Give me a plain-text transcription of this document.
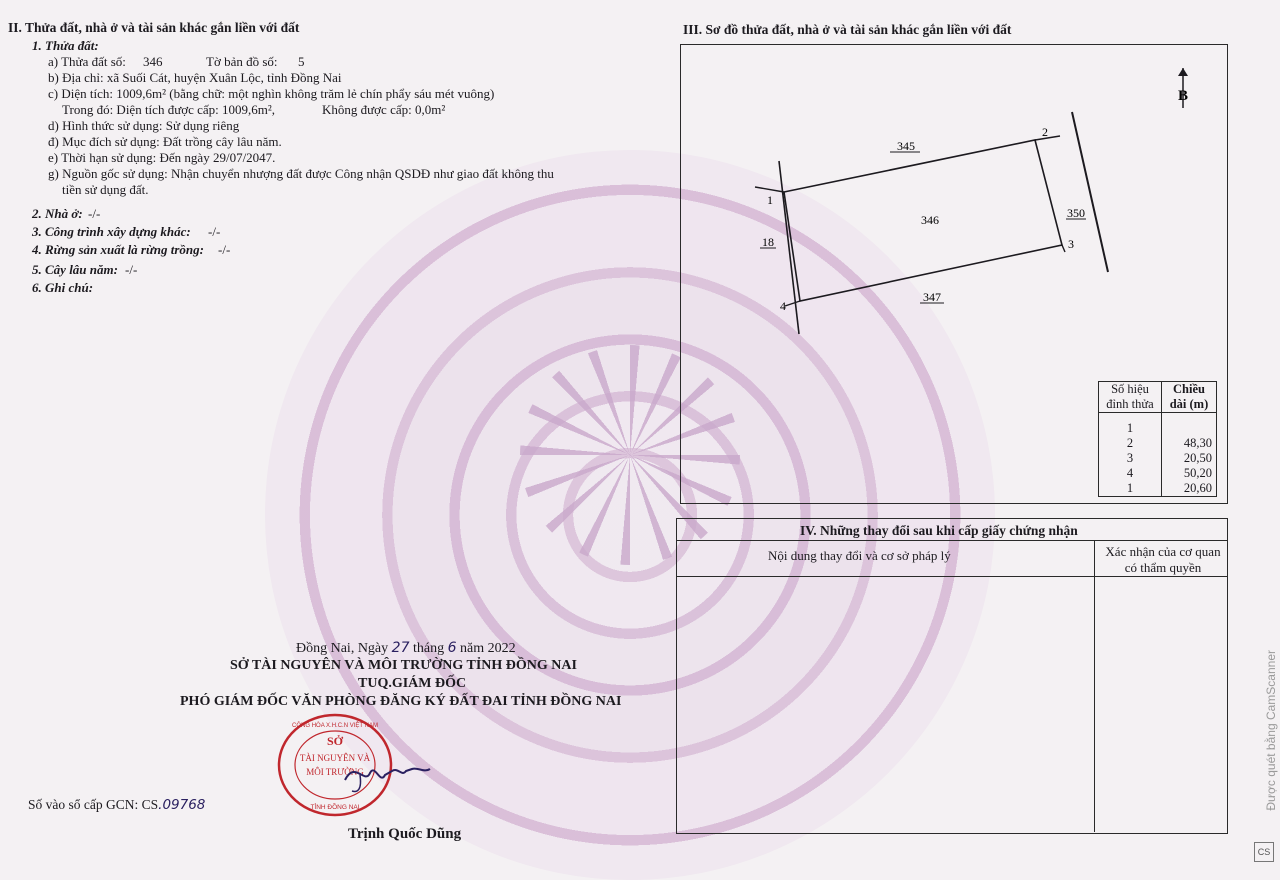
II. Thửa đất, nhà ở và tài sản khác gắn liền với đất
1. Thửa đất:
a) Thửa đất số: 346	Tờ bản đồ số: 5
b) Địa chỉ: xã Suối Cát, huyện Xuân Lộc, tỉnh Đồng Nai
c) Diện tích: 1009,6m² (bằng chữ: một nghìn không trăm lẻ chín phẩy sáu mét vuông)
Trong đó: Diện tích được cấp: 1009,6m²,	Không được cấp: 0,0m²
d) Hình thức sử dụng: Sử dụng riêng
đ) Mục đích sử dụng: Đất trồng cây lâu năm.
e) Thời hạn sử dụng: Đến ngày 29/07/2047.
g) Nguồn gốc sử dụng: Nhận chuyển nhượng đất được Công nhận QSDĐ như giao đất không thu
tiền sử dụng đất.
2. Nhà ở: -/-
3. Công trình xây dựng khác: -/-
4. Rừng sản xuất là rừng trồng: -/-
5. Cây lâu năm: -/-
6. Ghi chú:
Đồng Nai, Ngày 27 tháng 6 năm 2022
SỞ TÀI NGUYÊN VÀ MÔI TRƯỜNG TỈNH ĐỒNG NAI
TUQ.GIÁM ĐỐC
PHÓ GIÁM ĐỐC VĂN PHÒNG ĐĂNG KÝ ĐẤT ĐAI TỈNH ĐỒNG NAI
SỞ
TÀI NGUYÊN VÀ
MÔI TRƯỜNG
CỘNG HÒA X.H.C.N VIỆT NAM
TỈNH ĐỒNG NAI
Số vào sổ cấp GCN: CS.09768
Trịnh Quốc Dũng
III. Sơ đồ thửa đất, nhà ở và tài sản khác gắn liền với đất
B
345
346	350
347
18
1
2
3
4
Số hiệu đỉnh thửa	Chiều dài (m)
1	
2	48,30
3	20,50
4	50,20
1	20,60
IV. Những thay đổi sau khi cấp giấy chứng nhận
Nội dung thay đổi và cơ sở pháp lý	Xác nhận của cơ quan có thẩm quyền
Được quét bằng CamScanner
CS
